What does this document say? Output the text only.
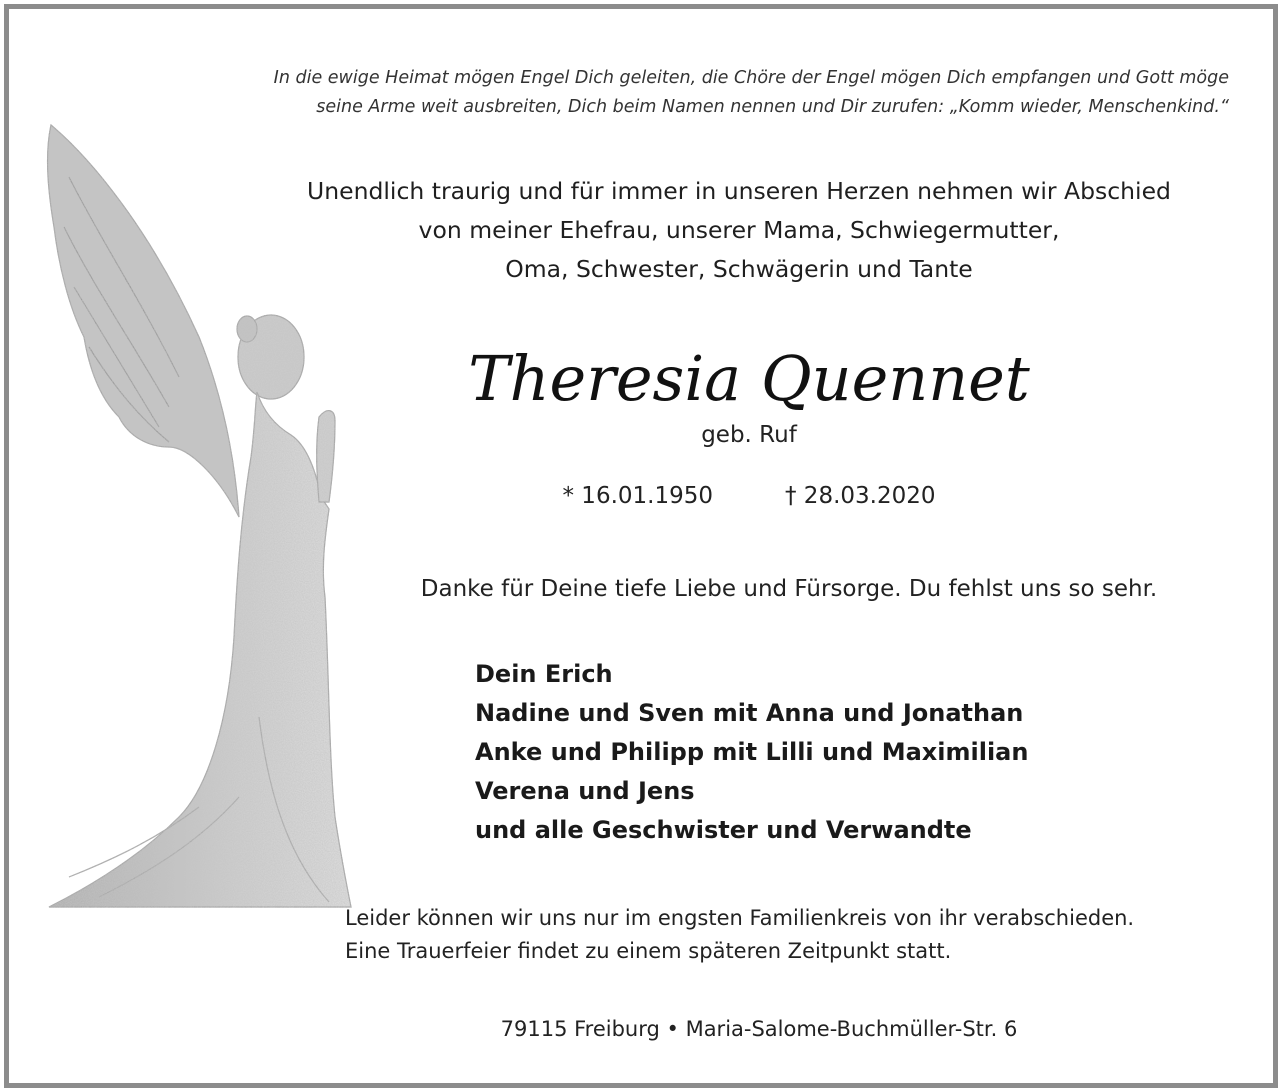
In die ewige Heimat mögen Engel Dich geleiten, die Chöre der Engel mögen Dich empfangen und Gott möge
seine Arme weit ausbreiten, Dich beim Namen nennen und Dir zurufen: „Komm wieder, Menschenkind.“
Unendlich traurig und für immer in unseren Herzen nehmen wir Abschied
von meiner Ehefrau, unserer Mama, Schwiegermutter,
Oma, Schwester, Schwägerin und Tante
Theresia Quennet
geb. Ruf
* 16.01.1950	† 28.03.2020
Danke für Deine tiefe Liebe und Fürsorge. Du fehlst uns so sehr.
Dein Erich
Nadine und Sven mit Anna und Jonathan
Anke und Philipp mit Lilli und Maximilian
Verena und Jens
und alle Geschwister und Verwandte
Leider können wir uns nur im engsten Familienkreis von ihr verabschieden.
Eine Trauerfeier findet zu einem späteren Zeitpunkt statt.
79115 Freiburg • Maria-Salome-Buchmüller-Str. 6
